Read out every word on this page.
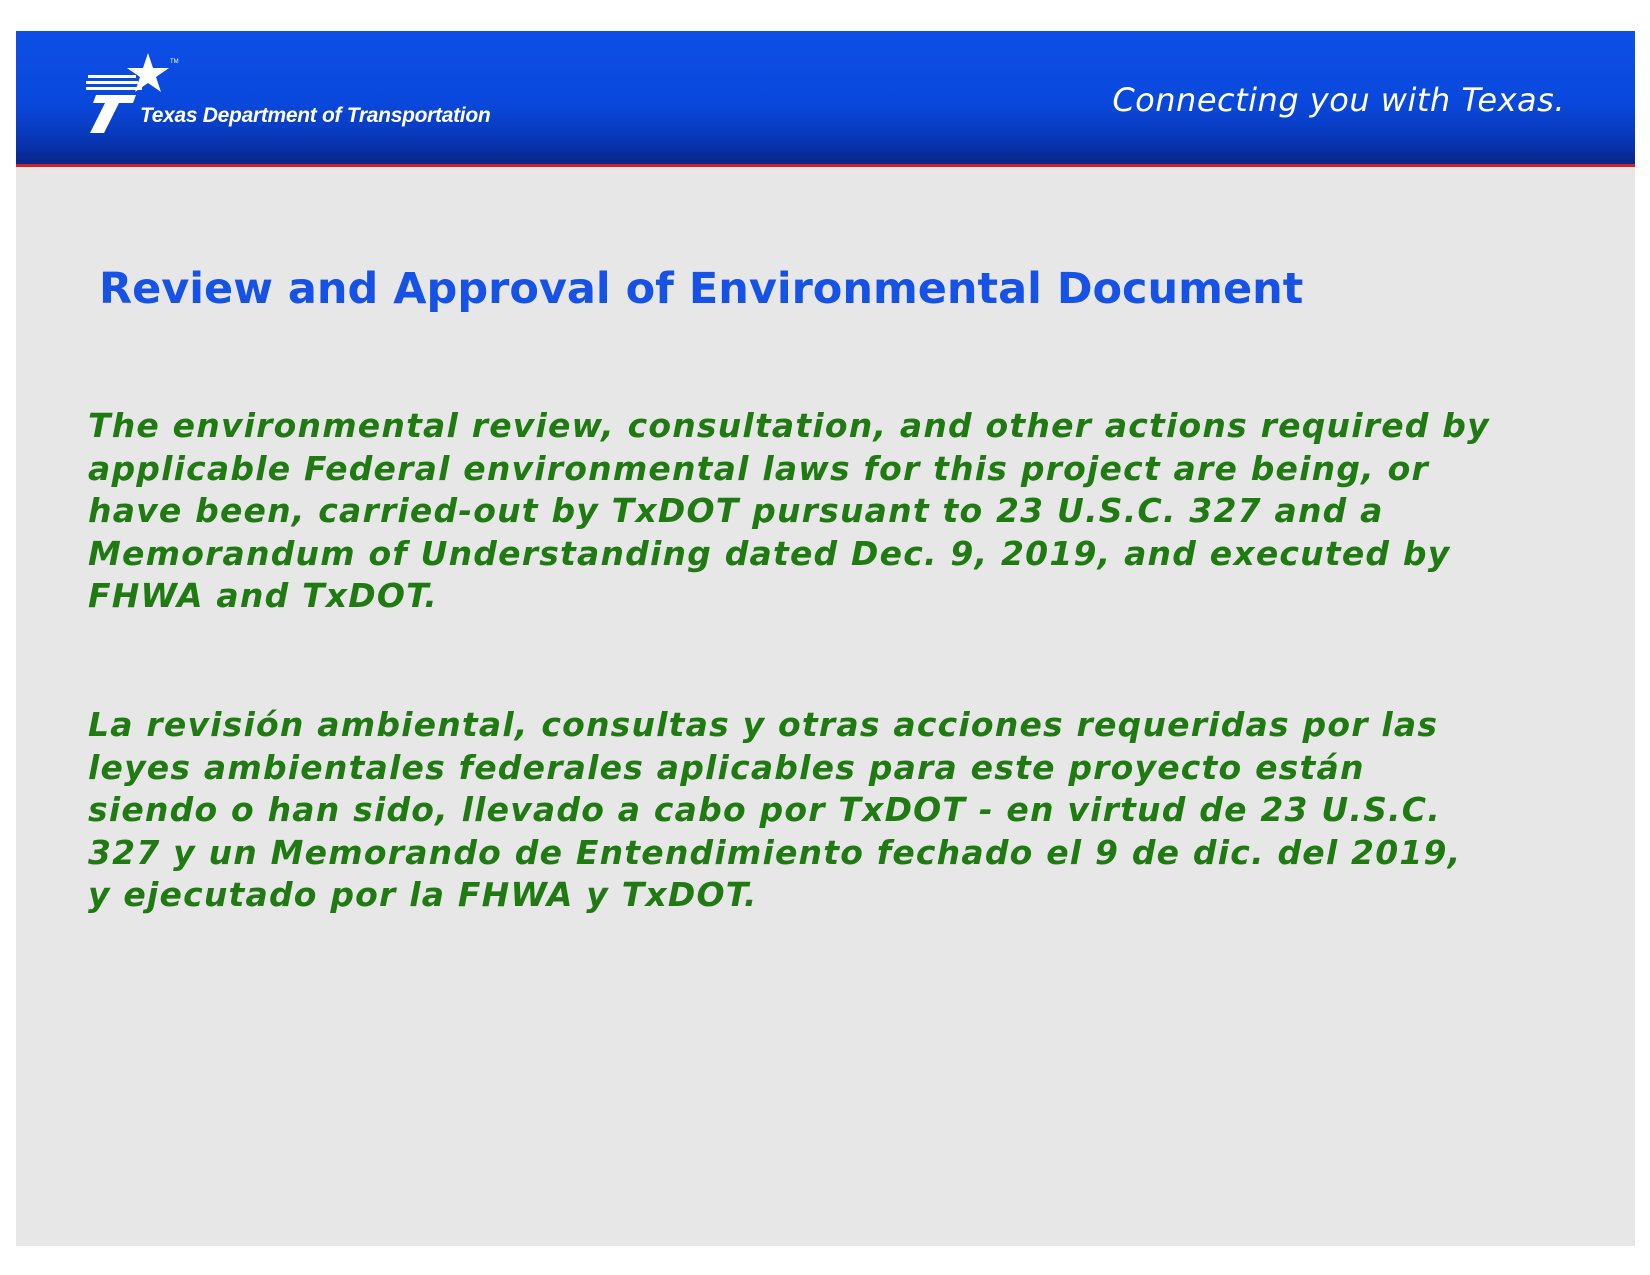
TM
Texas Department of Transportation	Connecting you with Texas.
Review and Approval of Environmental Document

The environmental review, consultation, and other actions required by
applicable Federal environmental laws for this project are being, or
have been, carried-out by TxDOT pursuant to 23 U.S.C. 327 and a
Memorandum of Understanding dated Dec. 9, 2019, and executed by
FHWA and TxDOT.

La revisión ambiental, consultas y otras acciones requeridas por las
leyes ambientales federales aplicables para este proyecto están
siendo o han sido, llevado a cabo por TxDOT - en virtud de 23 U.S.C.
327 y un Memorando de Entendimiento fechado el 9 de dic. del 2019,
y ejecutado por la FHWA y TxDOT.
